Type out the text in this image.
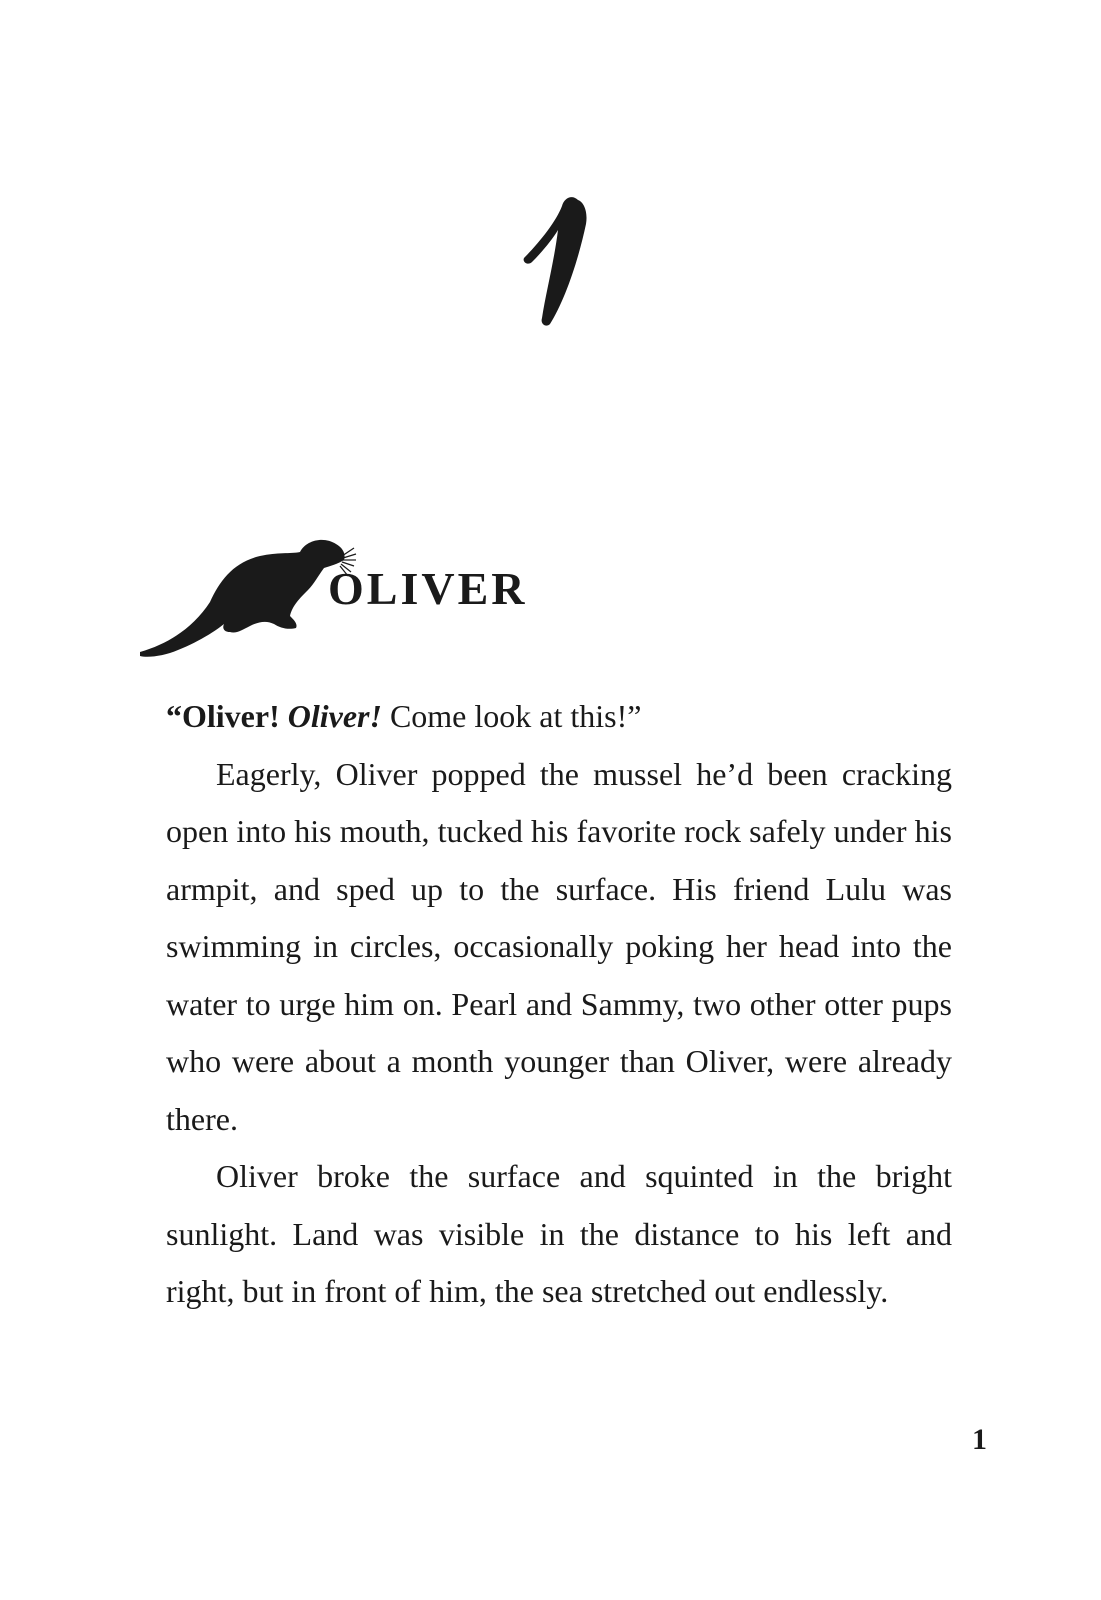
OLIVER

“Oliver! Oliver! Come look at this!”

Eagerly, Oliver popped the mussel he’d been cracking open into his mouth, tucked his favorite rock safely under his armpit, and sped up to the surface. His friend Lulu was swimming in circles, occasionally poking her head into the water to urge him on. Pearl and Sammy, two other otter pups who were about a month younger than Oliver, were already there.

Oliver broke the surface and squinted in the bright sunlight. Land was visible in the distance to his left and right, but in front of him, the sea stretched out endlessly.

1
